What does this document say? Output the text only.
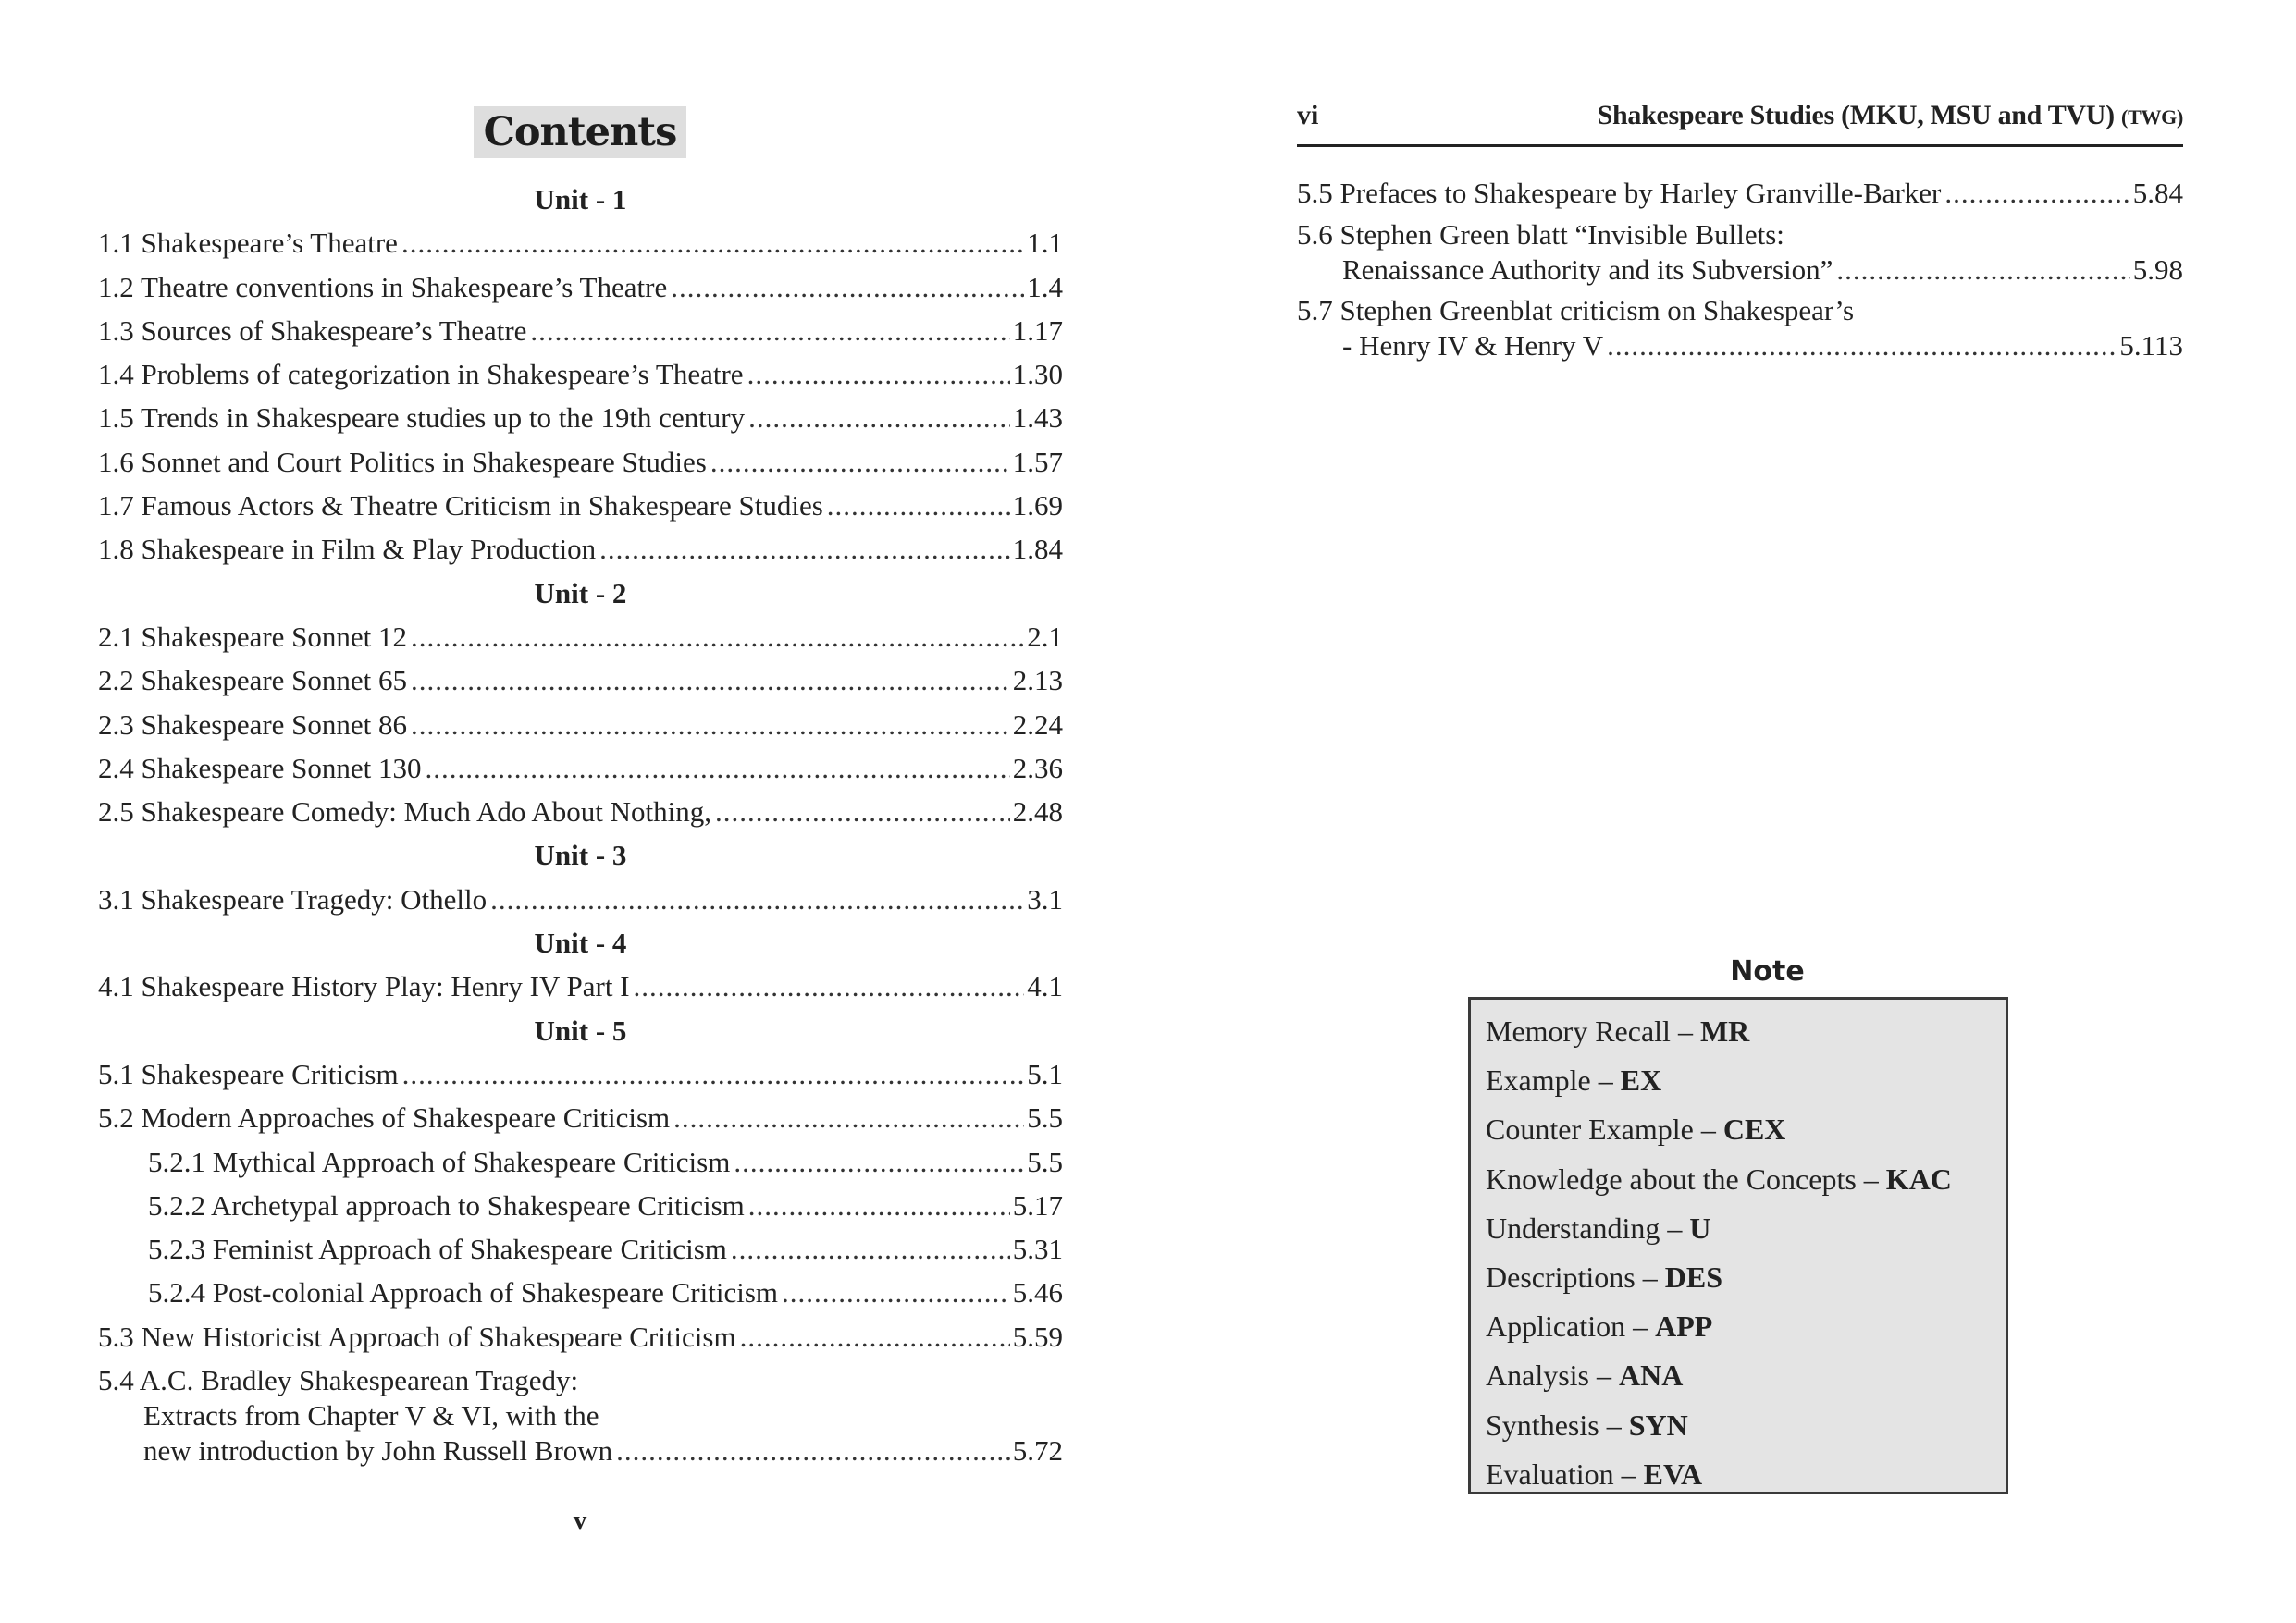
Contents
Unit - 1
1.1 Shakespeare’s Theatre .....	1.1
1.2 Theatre conventions in Shakespeare’s Theatre .....	1.4
1.3 Sources of Shakespeare’s Theatre .....	1.17
1.4 Problems of categorization in Shakespeare’s Theatre .....	1.30
1.5 Trends in Shakespeare studies up to the 19th century .....	1.43
1.6 Sonnet and Court Politics in Shakespeare Studies .....	1.57
1.7 Famous Actors & Theatre Criticism in Shakespeare Studies .....	1.69
1.8 Shakespeare in Film & Play Production .....	1.84
Unit - 2
2.1 Shakespeare Sonnet 12 .....	2.1
2.2 Shakespeare Sonnet 65 .....	2.13
2.3 Shakespeare Sonnet 86 .....	2.24
2.4 Shakespeare Sonnet 130 .....	2.36
2.5 Shakespeare Comedy: Much Ado About Nothing, .....	2.48
Unit - 3
3.1 Shakespeare Tragedy: Othello .....	3.1
Unit - 4
4.1 Shakespeare History Play: Henry IV Part I .....	4.1
Unit - 5
5.1 Shakespeare Criticism .....	5.1
5.2 Modern Approaches of Shakespeare Criticism .....	5.5
5.2.1 Mythical Approach of Shakespeare Criticism .....	5.5
5.2.2 Archetypal approach to Shakespeare Criticism .....	5.17
5.2.3 Feminist Approach of Shakespeare Criticism .....	5.31
5.2.4 Post-colonial Approach of Shakespeare Criticism .....	5.46
5.3 New Historicist Approach of Shakespeare Criticism .....	5.59
5.4 A.C. Bradley Shakespearean Tragedy:
Extracts from Chapter V & VI, with the
new introduction by John Russell Brown .....	5.72
v
vi	Shakespeare Studies (MKU, MSU and TVU) (TWG)
5.5 Prefaces to Shakespeare by Harley Granville-Barker .....	5.84
5.6 Stephen Green blatt “Invisible Bullets:
Renaissance Authority and its Subversion” .....	5.98
5.7 Stephen Greenblat criticism on Shakespear’s
- Henry IV & Henry V .....	5.113
Note
Memory Recall – MR
Example – EX
Counter Example – CEX
Knowledge about the Concepts – KAC
Understanding – U
Descriptions – DES
Application – APP
Analysis – ANA
Synthesis – SYN
Evaluation – EVA
